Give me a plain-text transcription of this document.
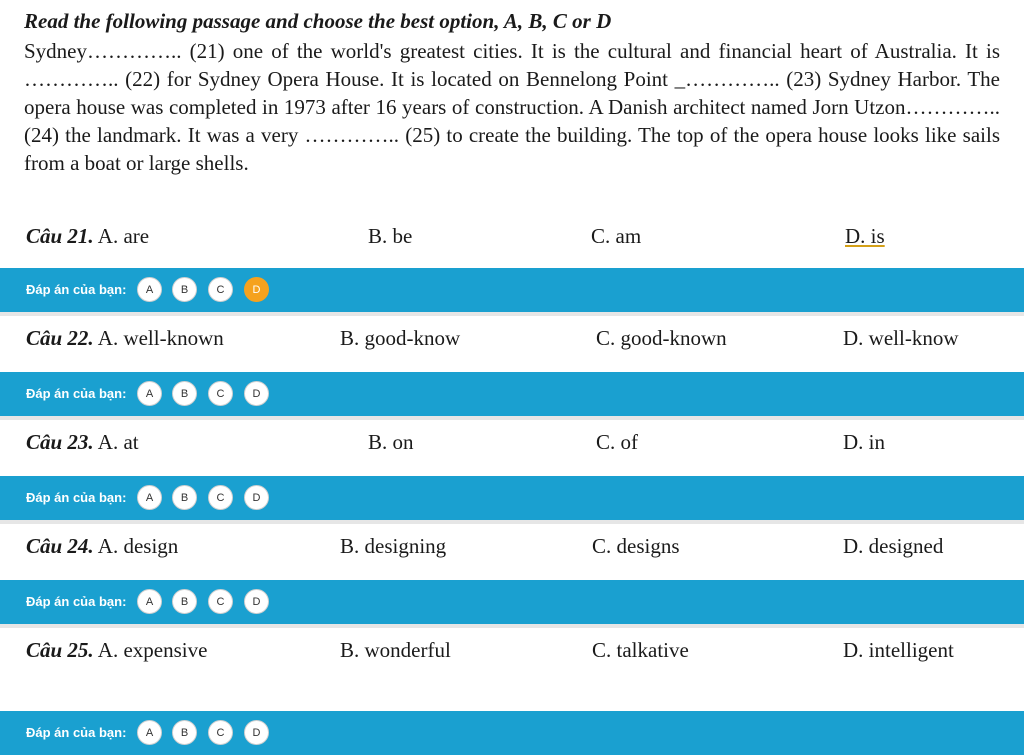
Read the following passage and choose the best option, A, B, C or D
Sydney………….. (21) one of the world's greatest cities. It is the cultural and financial heart of Australia. It is ………….. (22) for Sydney Opera House. It is located on Bennelong Point _………….. (23) Sydney Harbor. The opera house was completed in 1973 after 16 years of construction. A Danish architect named Jorn Utzon………….. (24) the landmark. It was a very ………….. (25) to create the building. The top of the opera house looks like sails from a boat or large shells.
Câu 21. A. are	B. be	C. am	D. is
Đáp án của bạn:	A	B	C	D
Câu 22. A. well-known	B. good-know	C. good-known	D. well-know
Đáp án của bạn:	A	B	C	D
Câu 23. A. at	B. on	C. of	D. in
Đáp án của bạn:	A	B	C	D
Câu 24. A. design	B. designing	C. designs	D. designed
Đáp án của bạn:	A	B	C	D
Câu 25. A. expensive	B. wonderful	C. talkative	D. intelligent
Đáp án của bạn:	A	B	C	D
